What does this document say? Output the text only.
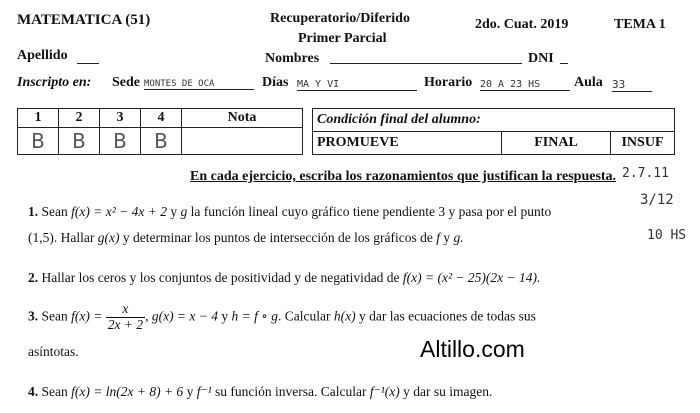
MATEMATICA (51)	Recuperatorio/Diferido
Primer Parcial
2do. Cuat. 2019	TEMA 1
Apellido	Nombres	DNI
Inscripto en: Sede MONTES DE OCA	Días MA Y VI	Horario 20 A 23 HS	Aula 33
1	2	3	4	Nota
B	B	B	B	
Condición final del alumno:
PROMUEVE	FINAL	INSUF
En cada ejercicio, escriba los razonamientos que justifican la respuesta. 2.7.11
3/12
10 HS
1. Sean f(x) = x² − 4x + 2 y g la función lineal cuyo gráfico tiene pendiente 3 y pasa por el punto
(1,5). Hallar g(x) y determinar los puntos de intersección de los gráficos de f y g.
2. Hallar los ceros y los conjuntos de positividad y de negatividad de f(x) = (x² − 25)(2x − 14).
3. Sean $f(x) = \frac{x}{2x + 2}$ , g(x) = x − 4 y h = f ∘ g. Calcular h(x) y dar las ecuaciones de todas sus
asíntotas.	Altillo.com
4. Sean f(x) = ln(2x + 8) + 6 y f⁻¹ su función inversa. Calcular f⁻¹(x) y dar su imagen.
